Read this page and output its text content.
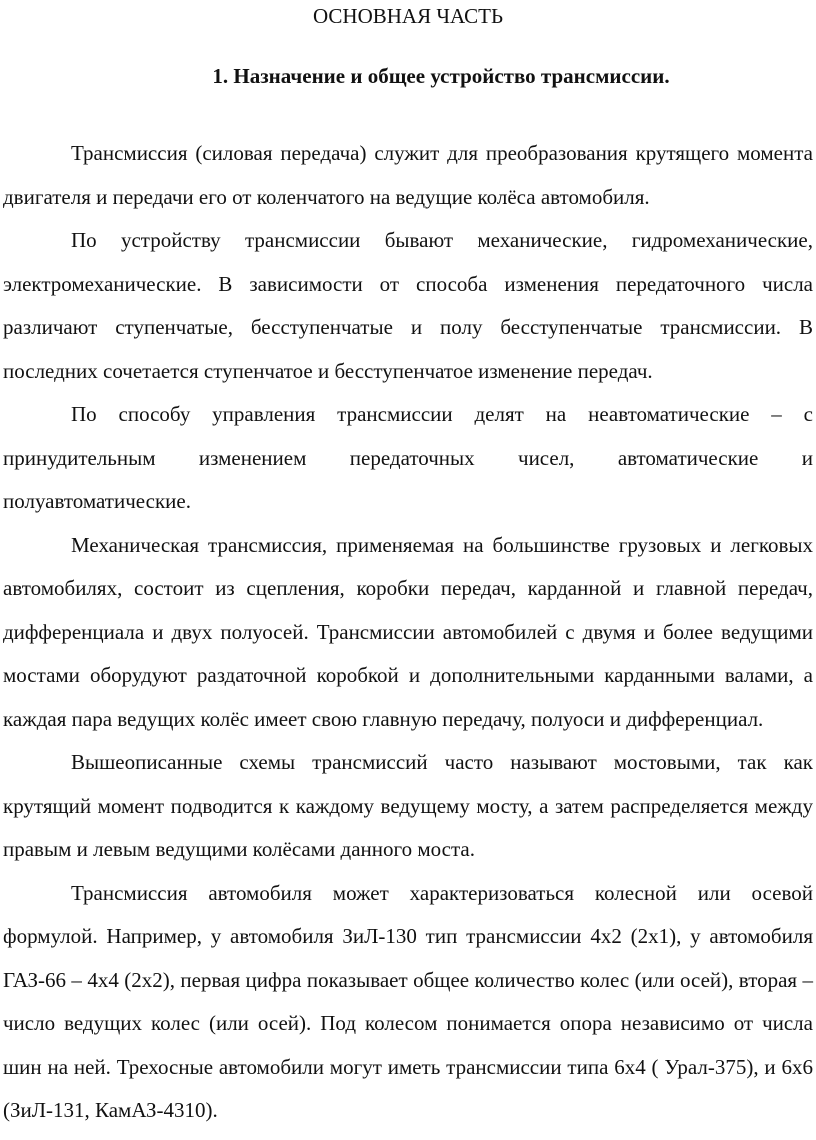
ОСНОВНАЯ ЧАСТЬ
1. Назначение и общее устройство трансмиссии.

Трансмиссия (силовая передача) служит для преобразования крутящего момента двигателя и передачи его от коленчатого на ведущие колёса автомобиля.

По устройству трансмиссии бывают механические, гидромеханические, электромеханические. В зависимости от способа изменения передаточного числа различают ступенчатые, бесступенчатые и полу бесступенчатые трансмиссии. В последних сочетается ступенчатое и бесступенчатое изменение передач.

По способу управления трансмиссии делят на неавтоматические – с принудительным изменением передаточных чисел, автоматические и полуавтоматические.

Механическая трансмиссия, применяемая на большинстве грузовых и легковых автомобилях, состоит из сцепления, коробки передач, карданной и главной передач, дифференциала и двух полуосей. Трансмиссии автомобилей с двумя и более ведущими мостами оборудуют раздаточной коробкой и дополнительными карданными валами, а каждая пара ведущих колёс имеет свою главную передачу, полуоси и дифференциал.

Вышеописанные схемы трансмиссий часто называют мостовыми, так как крутящий момент подводится к каждому ведущему мосту, а затем распределяется между правым и левым ведущими колёсами данного моста.

Трансмиссия автомобиля может характеризоваться колесной или осевой формулой. Например, у автомобиля ЗиЛ-130 тип трансмиссии 4х2 (2х1), у автомобиля ГАЗ-66 – 4х4 (2х2), первая цифра показывает общее количество колес (или осей), вторая – число ведущих колес (или осей). Под колесом понимается опора независимо от числа шин на ней. Трехосные автомобили могут иметь трансмиссии типа 6х4 ( Урал-375), и 6х6 (ЗиЛ-131, КамАЗ-4310).
